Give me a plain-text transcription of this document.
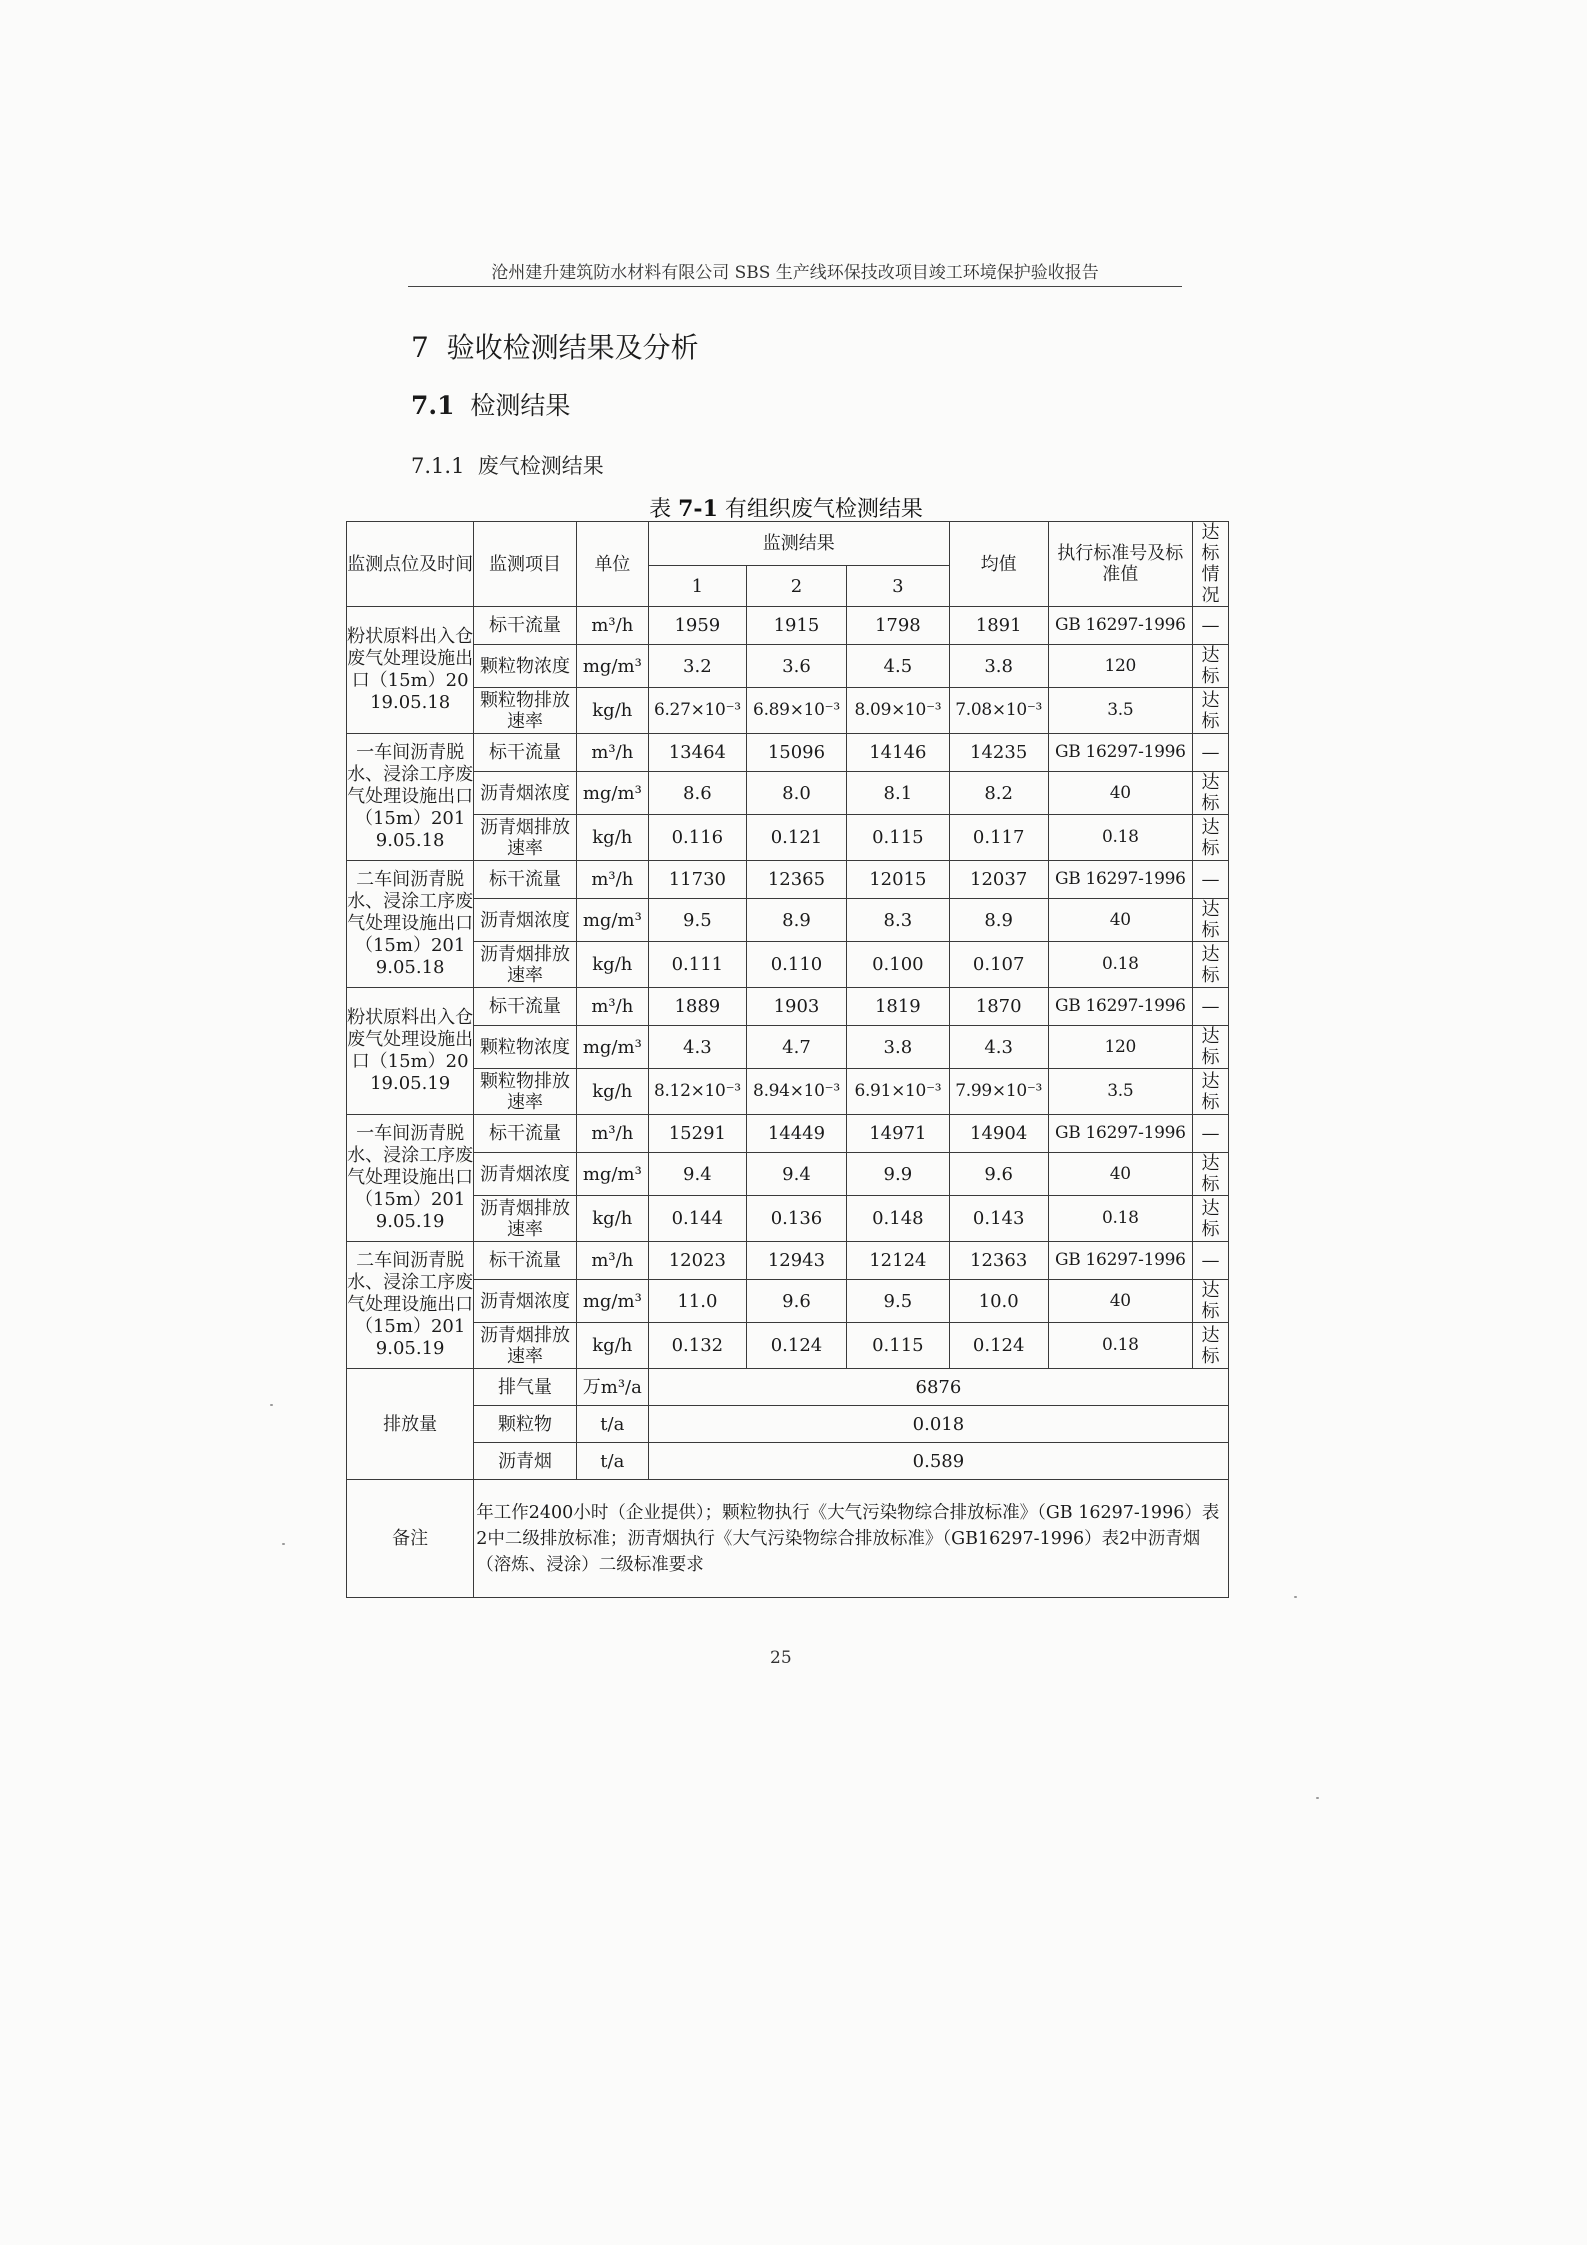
沧州建升建筑防水材料有限公司 SBS 生产线环保技改项目竣工环境保护验收报告
7 验收检测结果及分析
7.1 检测结果
7.1.1 废气检测结果
表 7-1 有组织废气检测结果
监测点位及时间	监测项目	单位	监测结果			均值	执行标准号及标准值	达标情况
			1	2	3			
粉状原料出入仓废气处理设施出口（15m）2019.05.18	标干流量	m³/h	1959	1915	1798	1891	GB 16297-1996	—
	颗粒物浓度	mg/m³	3.2	3.6	4.5	3.8	120	达标
	颗粒物排放速率	kg/h	6.27×10⁻³	6.89×10⁻³	8.09×10⁻³	7.08×10⁻³	3.5	达标
一车间沥青脱水、浸涂工序废气处理设施出口（15m）2019.05.18	标干流量	m³/h	13464	15096	14146	14235	GB 16297-1996	—
	沥青烟浓度	mg/m³	8.6	8.0	8.1	8.2	40	达标
	沥青烟排放速率	kg/h	0.116	0.121	0.115	0.117	0.18	达标
二车间沥青脱水、浸涂工序废气处理设施出口（15m）2019.05.18	标干流量	m³/h	11730	12365	12015	12037	GB 16297-1996	—
	沥青烟浓度	mg/m³	9.5	8.9	8.3	8.9	40	达标
	沥青烟排放速率	kg/h	0.111	0.110	0.100	0.107	0.18	达标
粉状原料出入仓废气处理设施出口（15m）2019.05.19	标干流量	m³/h	1889	1903	1819	1870	GB 16297-1996	—
	颗粒物浓度	mg/m³	4.3	4.7	3.8	4.3	120	达标
	颗粒物排放速率	kg/h	8.12×10⁻³	8.94×10⁻³	6.91×10⁻³	7.99×10⁻³	3.5	达标
一车间沥青脱水、浸涂工序废气处理设施出口（15m）2019.05.19	标干流量	m³/h	15291	14449	14971	14904	GB 16297-1996	—
	沥青烟浓度	mg/m³	9.4	9.4	9.9	9.6	40	达标
	沥青烟排放速率	kg/h	0.144	0.136	0.148	0.143	0.18	达标
二车间沥青脱水、浸涂工序废气处理设施出口（15m）2019.05.19	标干流量	m³/h	12023	12943	12124	12363	GB 16297-1996	—
	沥青烟浓度	mg/m³	11.0	9.6	9.5	10.0	40	达标
	沥青烟排放速率	kg/h	0.132	0.124	0.115	0.124	0.18	达标
排放量	排气量	万m³/a	6876					
	颗粒物	t/a	0.018					
	沥青烟	t/a	0.589					
备注	年工作2400小时（企业提供）；颗粒物执行《大气污染物综合排放标准》（GB 16297-1996）表2中二级排放标准；沥青烟执行《大气污染物综合排放标准》（GB16297-1996）表2中沥青烟（溶炼、浸涂）二级标准要求							
25
